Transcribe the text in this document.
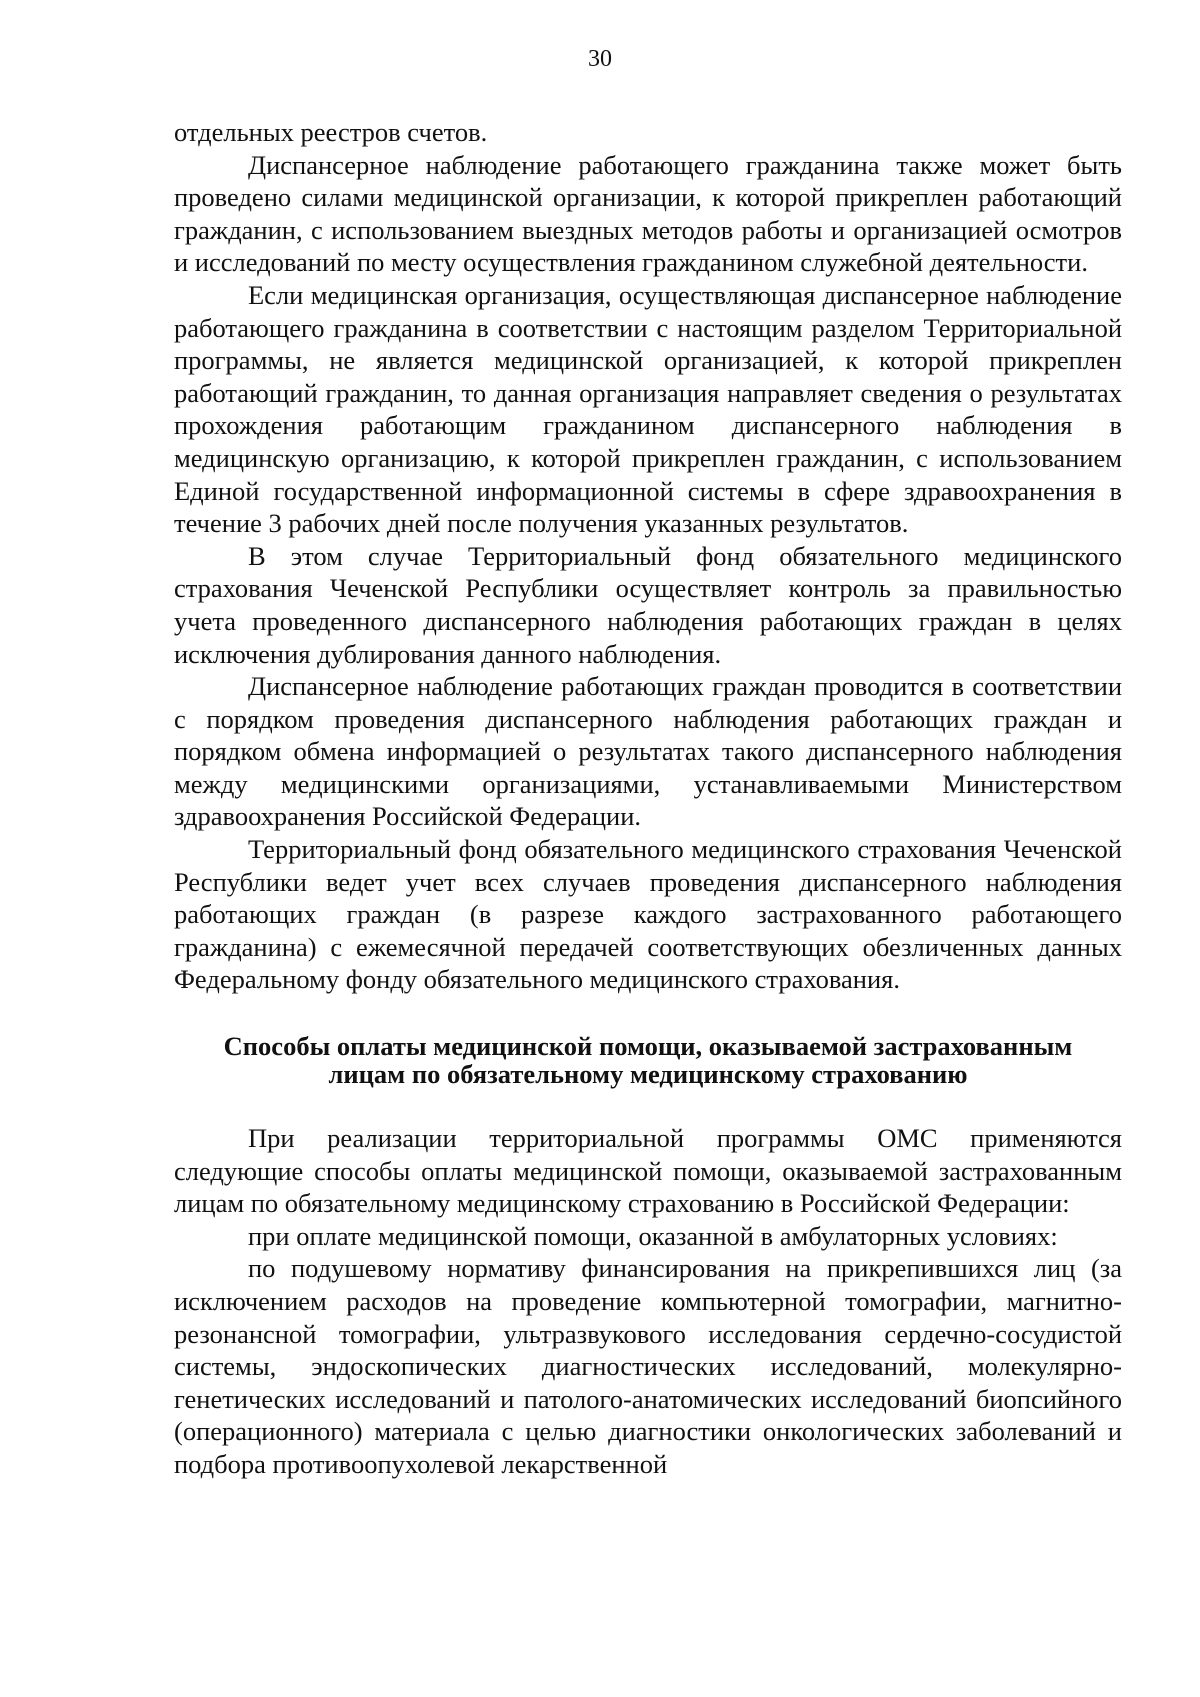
30

отдельных реестров счетов.

Диспансерное наблюдение работающего гражданина также может быть проведено силами медицинской организации, к которой прикреплен работающий гражданин, с использованием выездных методов работы и организацией осмотров и исследований по месту осуществления гражданином служебной деятельности.

Если медицинская организация, осуществляющая диспансерное наблюдение работающего гражданина в соответствии с настоящим разделом Территориальной программы, не является медицинской организацией, к которой прикреплен работающий гражданин, то данная организация направляет сведения о результатах прохождения работающим гражданином диспансерного наблюдения в медицинскую организацию, к которой прикреплен гражданин, с использованием Единой государственной информационной системы в сфере здравоохранения в течение 3 рабочих дней после получения указанных результатов.

В этом случае Территориальный фонд обязательного медицинского страхования Чеченской Республики осуществляет контроль за правильностью учета проведенного диспансерного наблюдения работающих граждан в целях исключения дублирования данного наблюдения.

Диспансерное наблюдение работающих граждан проводится в соответствии с порядком проведения диспансерного наблюдения работающих граждан и порядком обмена информацией о результатах такого диспансерного наблюдения между медицинскими организациями, устанавливаемыми Министерством здравоохранения Российской Федерации.

Территориальный фонд обязательного медицинского страхования Чеченской Республики ведет учет всех случаев проведения диспансерного наблюдения работающих граждан (в разрезе каждого застрахованного работающего гражданина) с ежемесячной передачей соответствующих обезличенных данных Федеральному фонду обязательного медицинского страхования.

Способы оплаты медицинской помощи, оказываемой застрахованным
лицам по обязательному медицинскому страхованию

При реализации территориальной программы ОМС применяются следующие способы оплаты медицинской помощи, оказываемой застрахованным лицам по обязательному медицинскому страхованию в Российской Федерации:

при оплате медицинской помощи, оказанной в амбулаторных условиях:

по подушевому нормативу финансирования на прикрепившихся лиц (за исключением расходов на проведение компьютерной томографии, магнитно-резонансной томографии, ультразвукового исследования сердечно-сосудистой системы, эндоскопических диагностических исследований, молекулярно-генетических исследований и патолого-анатомических исследований биопсийного (операционного) материала с целью диагностики онкологических заболеваний и подбора противоопухолевой лекарственной
